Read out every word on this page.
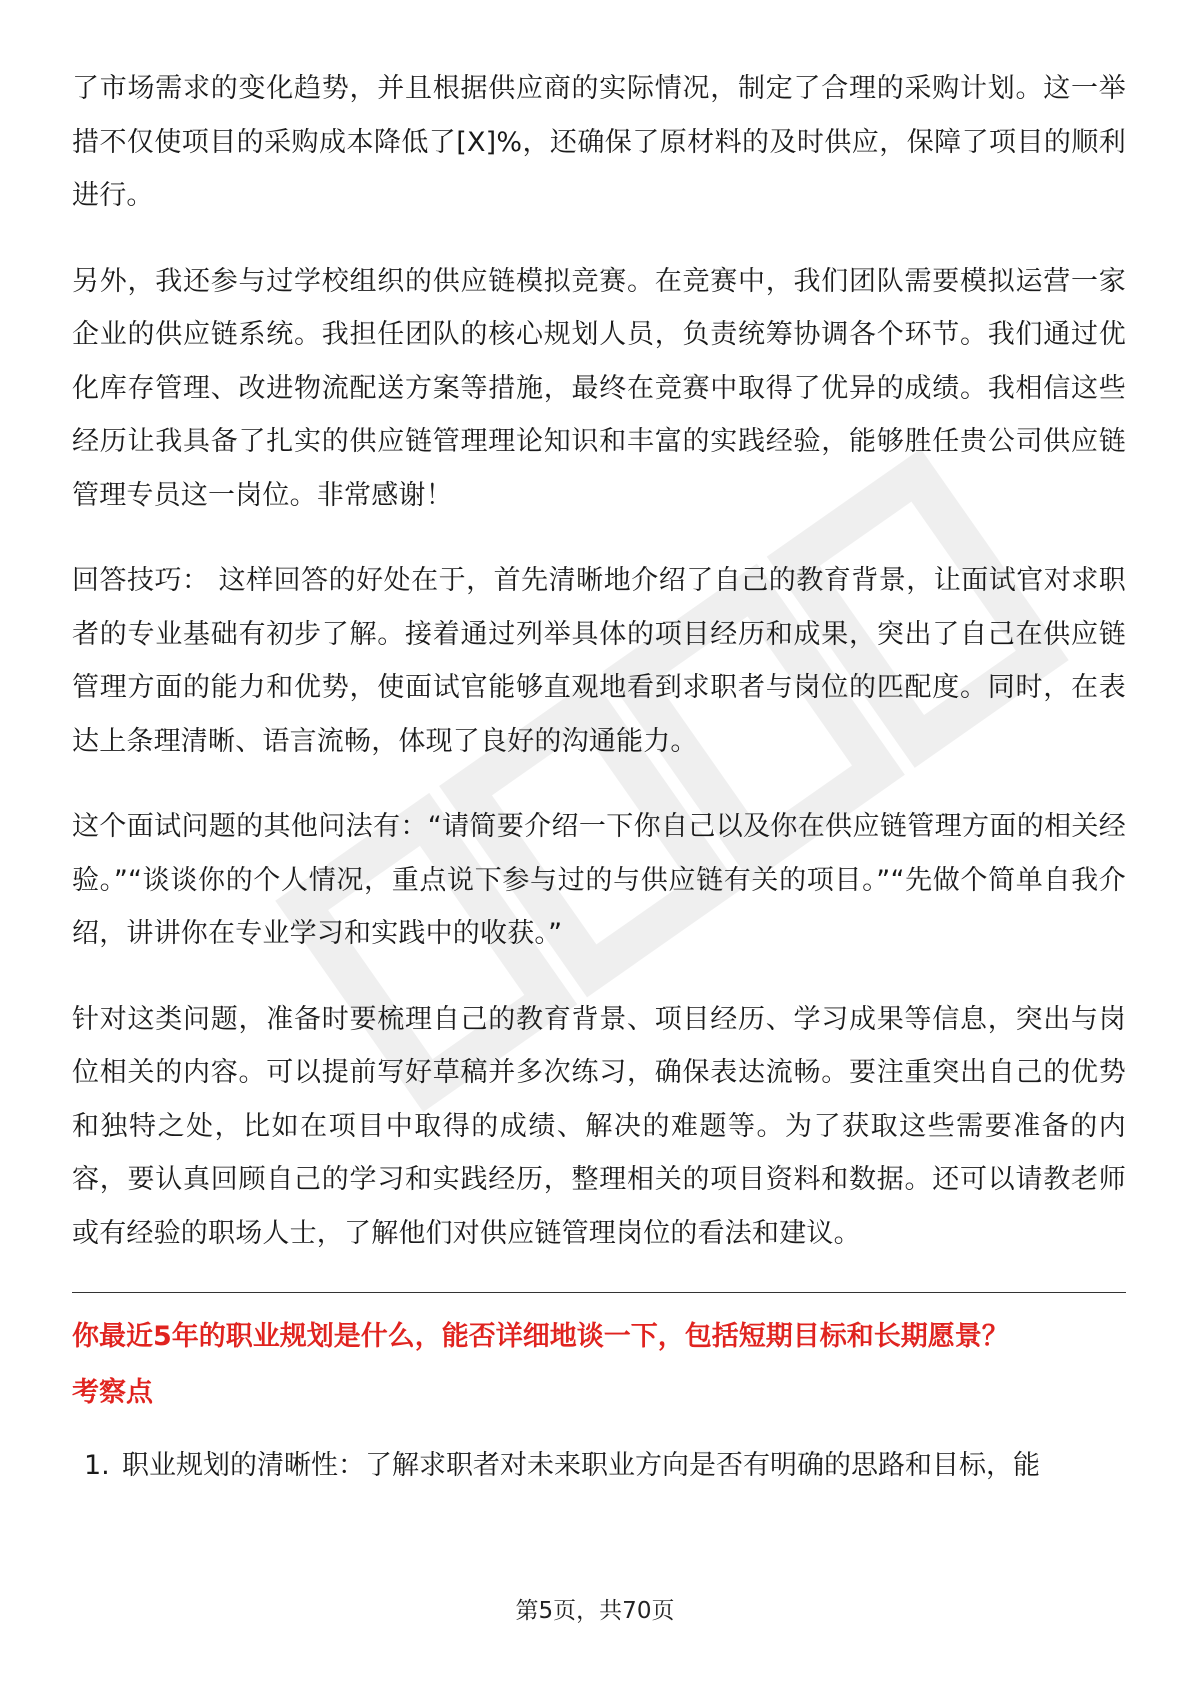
了市场需求的变化趋势，并且根据供应商的实际情况，制定了合理的采购计划。这一举措不仅使项目的采购成本降低了[X]%，还确保了原材料的及时供应，保障了项目的顺利进行。

另外，我还参与过学校组织的供应链模拟竞赛。在竞赛中，我们团队需要模拟运营一家企业的供应链系统。我担任团队的核心规划人员，负责统筹协调各个环节。我们通过优化库存管理、改进物流配送方案等措施，最终在竞赛中取得了优异的成绩。我相信这些经历让我具备了扎实的供应链管理理论知识和丰富的实践经验，能够胜任贵公司供应链管理专员这一岗位。非常感谢！

回答技巧： 这样回答的好处在于，首先清晰地介绍了自己的教育背景，让面试官对求职者的专业基础有初步了解。接着通过列举具体的项目经历和成果，突出了自己在供应链管理方面的能力和优势，使面试官能够直观地看到求职者与岗位的匹配度。同时，在表达上条理清晰、语言流畅，体现了良好的沟通能力。

这个面试问题的其他问法有：“请简要介绍一下你自己以及你在供应链管理方面的相关经验。”“谈谈你的个人情况，重点说下参与过的与供应链有关的项目。”“先做个简单自我介绍，讲讲你在专业学习和实践中的收获。”

针对这类问题，准备时要梳理自己的教育背景、项目经历、学习成果等信息，突出与岗位相关的内容。可以提前写好草稿并多次练习，确保表达流畅。要注重突出自己的优势和独特之处，比如在项目中取得的成绩、解决的难题等。为了获取这些需要准备的内容，要认真回顾自己的学习和实践经历，整理相关的项目资料和数据。还可以请教老师或有经验的职场人士，了解他们对供应链管理岗位的看法和建议。

你最近5年的职业规划是什么，能否详细地谈一下，包括短期目标和长期愿景？

考察点

1. 职业规划的清晰性：了解求职者对未来职业方向是否有明确的思路和目标，能
第5页，共70页
